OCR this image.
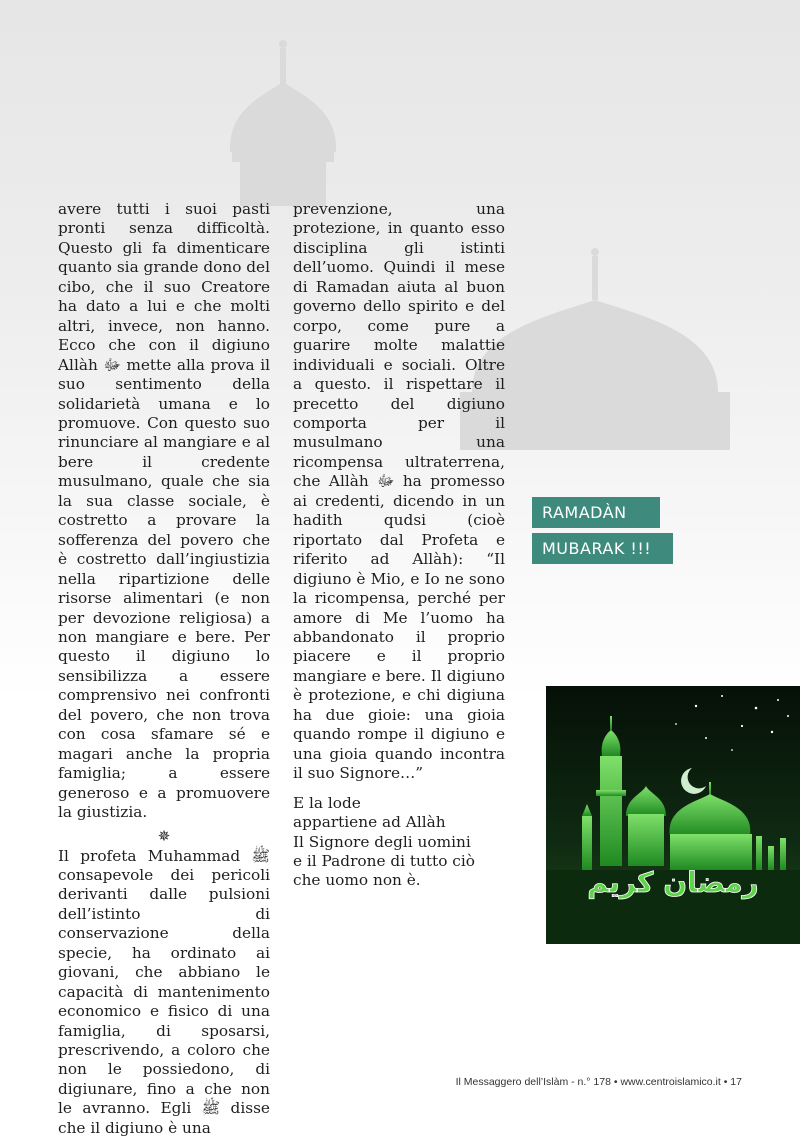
avere tutti i suoi pasti pronti senza difficoltà. Questo gli fa dimenticare quanto sia grande dono del cibo, che il suo Creatore ha dato a lui e che molti altri, invece, non hanno. Ecco che con il digiuno Allàh ﷻ mette alla prova il suo sentimento della solidarietà umana e lo promuove. Con questo suo rinunciare al mangiare e al bere il credente musulmano, quale che sia la sua classe sociale, è costretto a provare la sofferenza del povero che è costretto dall’ingiustizia nella ripartizione delle risorse alimentari (e non per devozione religiosa) a non mangiare e bere. Per questo il digiuno lo sensibilizza a essere comprensivo nei confronti del povero, che non trova con cosa sfamare sé e magari anche la propria famiglia; a essere generoso e a promuovere la giustizia.

✵

Il profeta Muhammad ﷺ consapevole dei pericoli derivanti dalle pulsioni dell’istinto di conservazione della specie, ha ordinato ai giovani, che abbiano le capacità di mantenimento economico e fisico di una famiglia, di sposarsi, prescrivendo, a coloro che non le possiedono, di digiunare, fino a che non le avranno. Egli ﷺ disse che il digiuno è una

prevenzione, una protezione, in quanto esso disciplina gli istinti dell’uomo. Quindi il mese di Ramadan aiuta al buon governo dello spirito e del corpo, come pure a guarire molte malattie individuali e sociali. Oltre a questo. il rispettare il precetto del digiuno comporta per il musulmano una ricompensa ultraterrena, che Allàh ﷻ ha promesso ai credenti, dicendo in un hadith qudsi (cioè riportato dal Profeta e riferito ad Allàh): “Il digiuno è Mio, e Io ne sono la ricompensa, perché per amore di Me l’uomo ha abbandonato il proprio piacere e il proprio mangiare e bere. Il digiuno è protezione, e chi digiuna ha due gioie: una gioia quando rompe il digiuno e una gioia quando incontra il suo Signore…”

E la lode

appartiene ad Allàh

Il Signore degli uomini

e il Padrone di tutto ciò

che uomo non è.

RAMADÀN
MUBARAK !!!
رمضان كريم
Il Messaggero dell’Islàm - n.° 178 • www.centroislamico.it • 17
